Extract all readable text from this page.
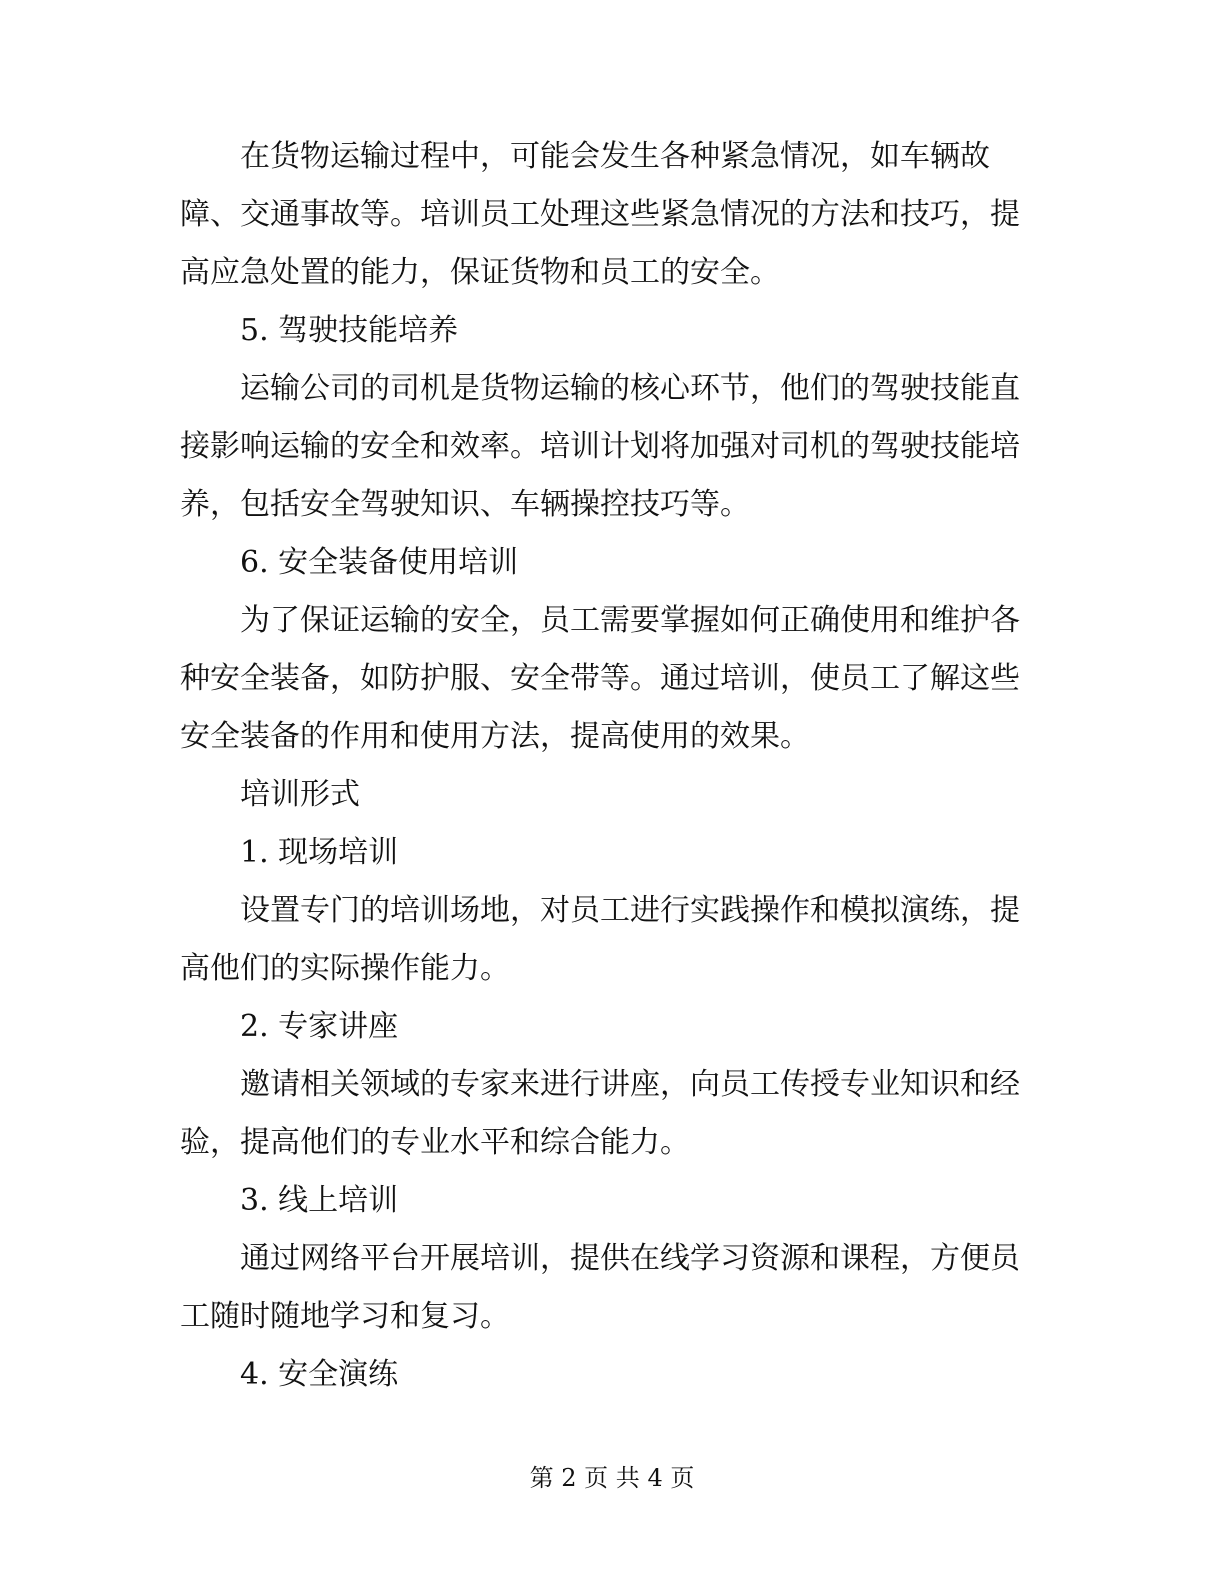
在货物运输过程中，可能会发生各种紧急情况，如车辆故
障、交通事故等。培训员工处理这些紧急情况的方法和技巧，提
高应急处置的能力，保证货物和员工的安全。
5. 驾驶技能培养
运输公司的司机是货物运输的核心环节，他们的驾驶技能直
接影响运输的安全和效率。培训计划将加强对司机的驾驶技能培
养，包括安全驾驶知识、车辆操控技巧等。
6. 安全装备使用培训
为了保证运输的安全，员工需要掌握如何正确使用和维护各
种安全装备，如防护服、安全带等。通过培训，使员工了解这些
安全装备的作用和使用方法，提高使用的效果。
培训形式
1. 现场培训
设置专门的培训场地，对员工进行实践操作和模拟演练，提
高他们的实际操作能力。
2. 专家讲座
邀请相关领域的专家来进行讲座，向员工传授专业知识和经
验，提高他们的专业水平和综合能力。
3. 线上培训
通过网络平台开展培训，提供在线学习资源和课程，方便员
工随时随地学习和复习。
4. 安全演练
第 2 页 共 4 页
